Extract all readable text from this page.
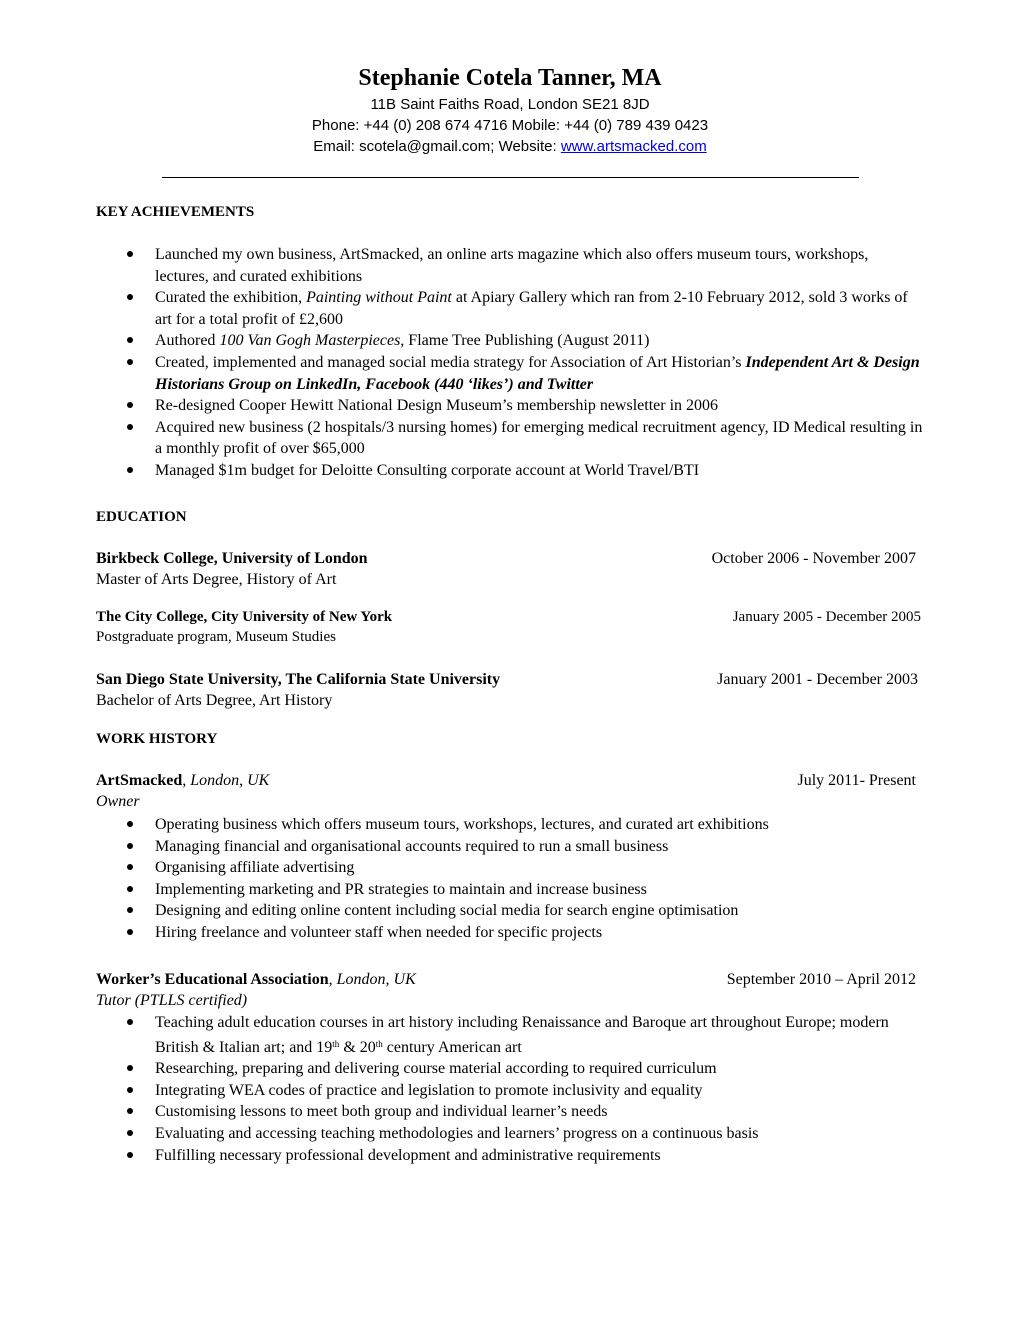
Stephanie Cotela Tanner, MA
11B Saint Faiths Road, London SE21 8JD
Phone: +44 (0) 208 674 4716 Mobile: +44 (0) 789 439 0423
Email: scotela@gmail.com; Website: www.artsmacked.com
KEY ACHIEVEMENTS
Launched my own business, ArtSmacked, an online arts magazine which also offers museum tours, workshops, lectures, and curated exhibitions
Curated the exhibition, Painting without Paint at Apiary Gallery which ran from 2-10 February 2012, sold 3 works of art for a total profit of £2,600
Authored 100 Van Gogh Masterpieces, Flame Tree Publishing (August 2011)
Created, implemented and managed social media strategy for Association of Art Historian’s Independent Art & Design Historians Group on LinkedIn, Facebook (440 ‘likes’) and Twitter
Re-designed Cooper Hewitt National Design Museum’s membership newsletter in 2006
Acquired new business (2 hospitals/3 nursing homes) for emerging medical recruitment agency, ID Medical resulting in a monthly profit of over $65,000
Managed $1m budget for Deloitte Consulting corporate account at World Travel/BTI
EDUCATION
Birkbeck College, University of London	October 2006 - November 2007
Master of Arts Degree, History of Art
The City College, City University of New York	January 2005 - December 2005
Postgraduate program, Museum Studies
San Diego State University, The California State University	January 2001 - December 2003
Bachelor of Arts Degree, Art History
WORK HISTORY
ArtSmacked, London, UK	July 2011- Present
Owner
Operating business which offers museum tours, workshops, lectures, and curated art exhibitions
Managing financial and organisational accounts required to run a small business
Organising affiliate advertising
Implementing marketing and PR strategies to maintain and increase business
Designing and editing online content including social media for search engine optimisation
Hiring freelance and volunteer staff when needed for specific projects
Worker’s Educational Association, London, UK	September 2010 – April 2012
Tutor (PTLLS certified)
Teaching adult education courses in art history including Renaissance and Baroque art throughout Europe; modern British & Italian art; and 19th & 20th century American art
Researching, preparing and delivering course material according to required curriculum
Integrating WEA codes of practice and legislation to promote inclusivity and equality
Customising lessons to meet both group and individual learner’s needs
Evaluating and accessing teaching methodologies and learners’ progress on a continuous basis
Fulfilling necessary professional development and administrative requirements
